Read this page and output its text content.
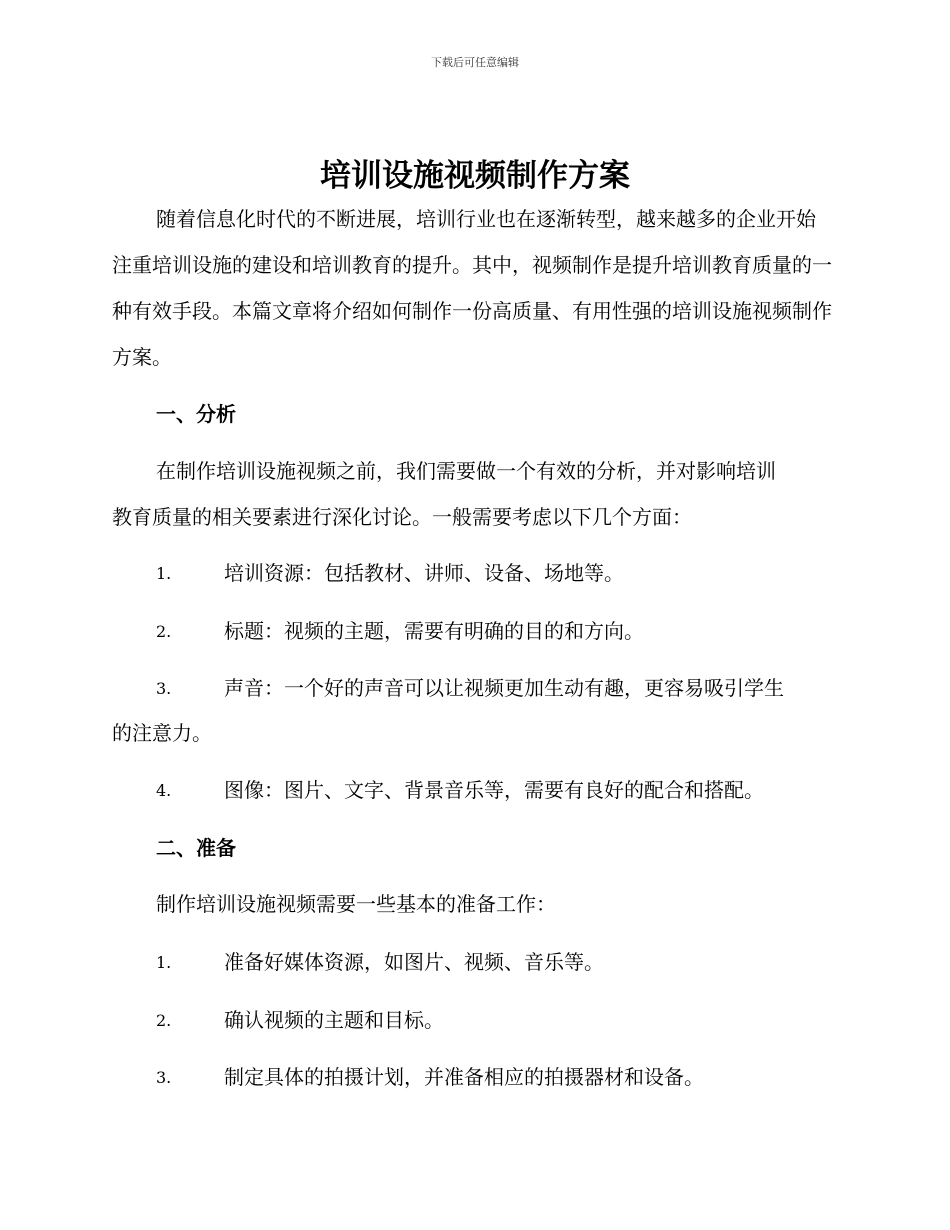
下载后可任意编辑
培训设施视频制作方案
随着信息化时代的不断进展，培训行业也在逐渐转型，越来越多的企业开始注重培训设施的建设和培训教育的提升。其中，视频制作是提升培训教育质量的一种有效手段。本篇文章将介绍如何制作一份高质量、有用性强的培训设施视频制作方案。
一、分析
在制作培训设施视频之前，我们需要做一个有效的分析，并对影响培训
教育质量的相关要素进行深化讨论。一般需要考虑以下几个方面：
1.	培训资源：包括教材、讲师、设备、场地等。
2.	标题：视频的主题，需要有明确的目的和方向。
3.	声音：一个好的声音可以让视频更加生动有趣，更容易吸引学生
的注意力。
4.	图像：图片、文字、背景音乐等，需要有良好的配合和搭配。
二、准备
制作培训设施视频需要一些基本的准备工作：
1.	准备好媒体资源，如图片、视频、音乐等。
2.	确认视频的主题和目标。
3.	制定具体的拍摄计划，并准备相应的拍摄器材和设备。
